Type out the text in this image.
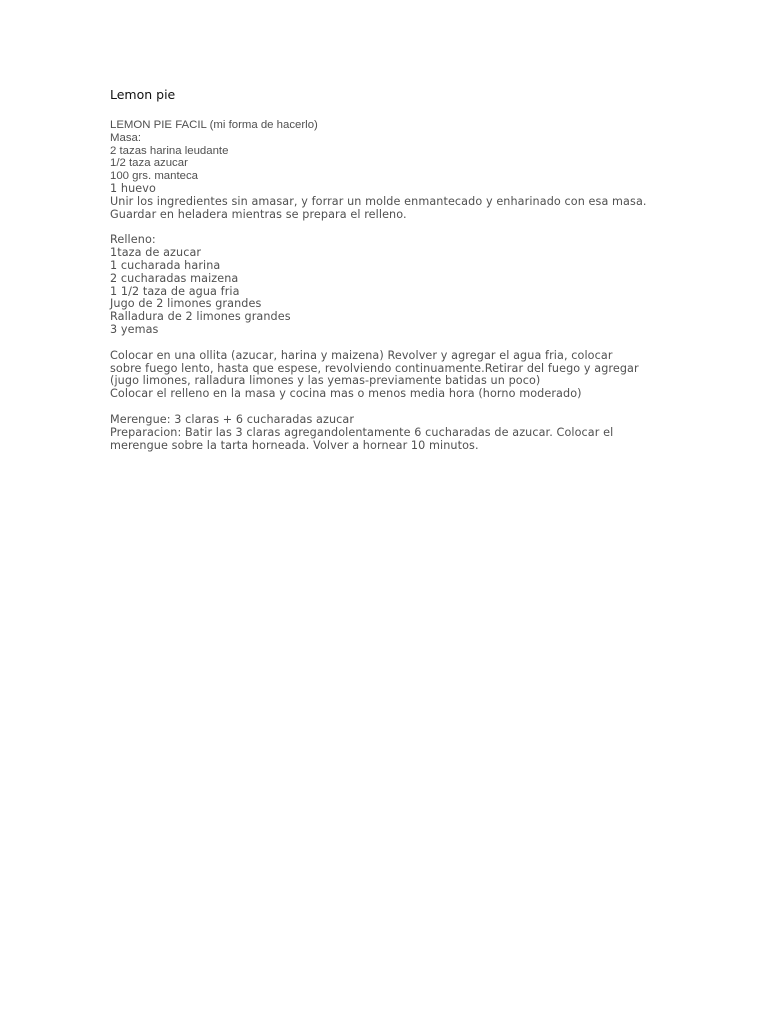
Lemon pie
LEMON PIE FACIL (mi forma de hacerlo)
Masa:
2 tazas harina leudante
1/2 taza azucar
100 grs. manteca
1 huevo
Unir los ingredientes sin amasar, y forrar un molde enmantecado y enharinado con esa masa.
Guardar en heladera mientras se prepara el relleno.
Relleno:
1taza de azucar
1 cucharada harina
2 cucharadas maizena
1 1/2 taza de agua fria
Jugo de 2 limones grandes
Ralladura de 2 limones grandes
3 yemas
Colocar en una ollita (azucar, harina y maizena) Revolver y agregar el agua fria, colocar
sobre fuego lento, hasta que espese, revolviendo continuamente.Retirar del fuego y agregar
(jugo limones, ralladura limones y las yemas-previamente batidas un poco)
Colocar el relleno en la masa y cocina mas o menos media hora (horno moderado)
Merengue: 3 claras + 6 cucharadas azucar
Preparacion: Batir las 3 claras agregandolentamente 6 cucharadas de azucar. Colocar el
merengue sobre la tarta horneada. Volver a hornear 10 minutos.
